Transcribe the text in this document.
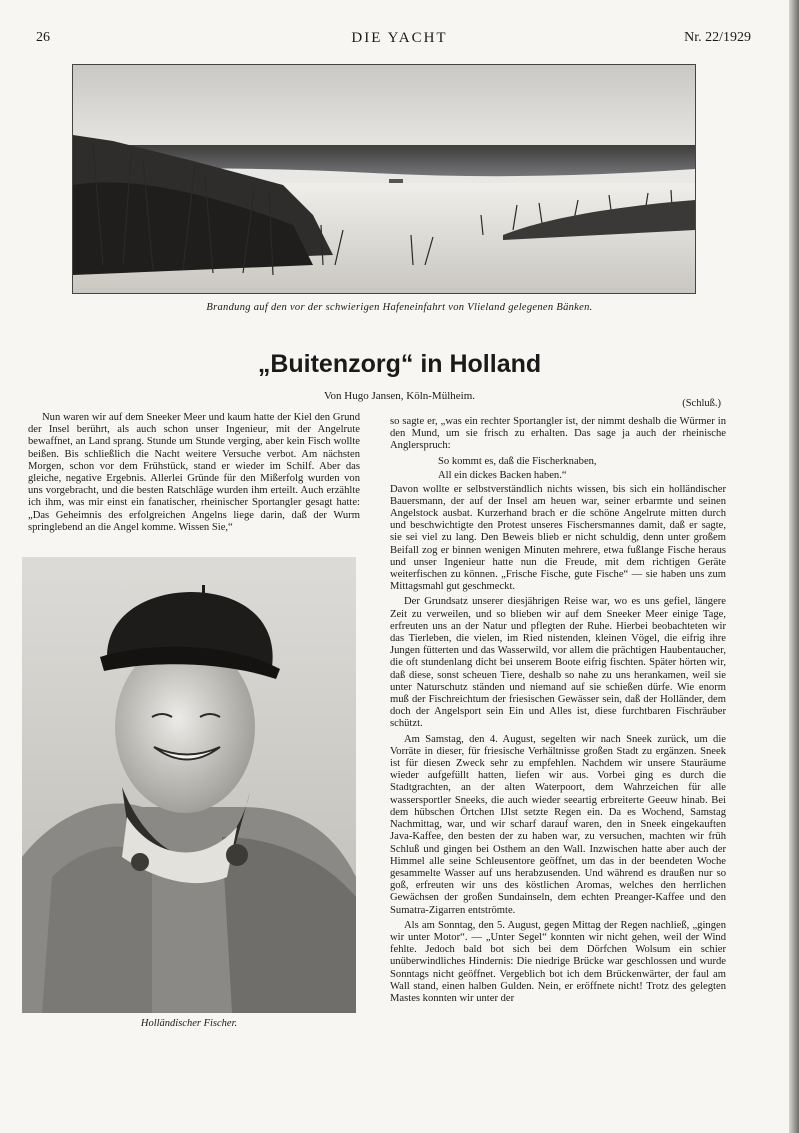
26	DIE YACHT	Nr. 22/1929
Brandung auf den vor der schwierigen Hafeneinfahrt von Vlieland gelegenen Bänken.
„Buitenzorg“ in Holland
Von Hugo Jansen, Köln-Mülheim.
(Schluß.)

Nun waren wir auf dem Sneeker Meer und kaum hatte der Kiel den Grund der Insel berührt, als auch schon unser Ingenieur, mit der Angelrute bewaffnet, an Land sprang. Stunde um Stunde verging, aber kein Fisch wollte beißen. Bis schließlich die Nacht weitere Versuche verbot. Am nächsten Morgen, schon vor dem Frühstück, stand er wieder im Schilf. Aber das gleiche, negative Ergebnis. Allerlei Gründe für den Mißerfolg wurden von uns vorgebracht, und die besten Ratschläge wurden ihm erteilt. Auch erzählte ich ihm, was mir einst ein fanatischer, rheinischer Sportangler gesagt hatte: „Das Geheimnis des erfolgreichen Angelns liege darin, daß der Wurm springlebend an die Angel komme. Wissen Sie,“

Holländischer Fischer.

so sagte er, „was ein rechter Sportangler ist, der nimmt deshalb die Würmer in den Mund, um sie frisch zu erhalten. Das sage ja auch der rheinische Anglerspruch:

So kommt es, daß die Fischerknaben,
All ein dickes Backen haben.“

Davon wollte er selbstverständlich nichts wissen, bis sich ein holländischer Bauersmann, der auf der Insel am heuen war, seiner erbarmte und seinen Angelstock ausbat. Kurzerhand brach er die schöne Angelrute mitten durch und beschwichtigte den Protest unseres Fischersmannes damit, daß er sagte, sie sei viel zu lang. Den Beweis blieb er nicht schuldig, denn unter großem Beifall zog er binnen wenigen Minuten mehrere, etwa fußlange Fische heraus und unser Ingenieur hatte nun die Freude, mit dem richtigen Geräte weiterfischen zu können. „Frische Fische, gute Fische“ — sie haben uns zum Mittagsmahl gut geschmeckt.

Der Grundsatz unserer diesjährigen Reise war, wo es uns gefiel, längere Zeit zu verweilen, und so blieben wir auf dem Sneeker Meer einige Tage, erfreuten uns an der Natur und pflegten der Ruhe. Hierbei beobachteten wir das Tierleben, die vielen, im Ried nistenden, kleinen Vögel, die eifrig ihre Jungen fütterten und das Wasserwild, vor allem die prächtigen Haubentaucher, die oft stundenlang dicht bei unserem Boote eifrig fischten. Später hörten wir, daß diese, sonst scheuen Tiere, deshalb so nahe zu uns herankamen, weil sie unter Naturschutz ständen und niemand auf sie schießen dürfe. Wie enorm muß der Fischreichtum der friesischen Gewässer sein, daß der Holländer, dem doch der Angelsport sein Ein und Alles ist, diese furchtbaren Fischräuber schützt.

Am Samstag, den 4. August, segelten wir nach Sneek zurück, um die Vorräte in dieser, für friesische Verhältnisse großen Stadt zu ergänzen. Sneek ist für diesen Zweck sehr zu empfehlen. Nachdem wir unsere Stauräume wieder aufgefüllt hatten, liefen wir aus. Vorbei ging es durch die Stadtgrachten, an der alten Waterpoort, dem Wahrzeichen für alle wassersportler Sneeks, die auch wieder seeartig erbreiterte Geeuw hinab. Bei dem hübschen Örtchen IJlst setzte Regen ein. Da es Wochend, Samstag Nachmittag, war, und wir scharf darauf waren, den in Sneek eingekauften Java-Kaffee, den besten der zu haben war, zu versuchen, machten wir früh Schluß und gingen bei Osthem an den Wall. Inzwischen hatte aber auch der Himmel alle seine Schleusentore geöffnet, um das in der beendeten Woche gesammelte Wasser auf uns herabzusenden. Und während es draußen nur so goß, erfreuten wir uns des köstlichen Aromas, welches den herrlichen Gewächsen der großen Sundainseln, dem echten Preanger-Kaffee und den Sumatra-Zigarren entströmte.

Als am Sonntag, den 5. August, gegen Mittag der Regen nachließ, „gingen wir unter Motor“. — „Unter Segel“ konnten wir nicht gehen, weil der Wind fehlte. Jedoch bald bot sich bei dem Dörfchen Wolsum ein schier unüberwindliches Hindernis: Die niedrige Brücke war geschlossen und wurde Sonntags nicht geöffnet. Vergeblich bot ich dem Brückenwärter, der faul am Wall stand, einen halben Gulden. Nein, er eröffnete nicht! Trotz des gelegten Mastes konnten wir unter der
